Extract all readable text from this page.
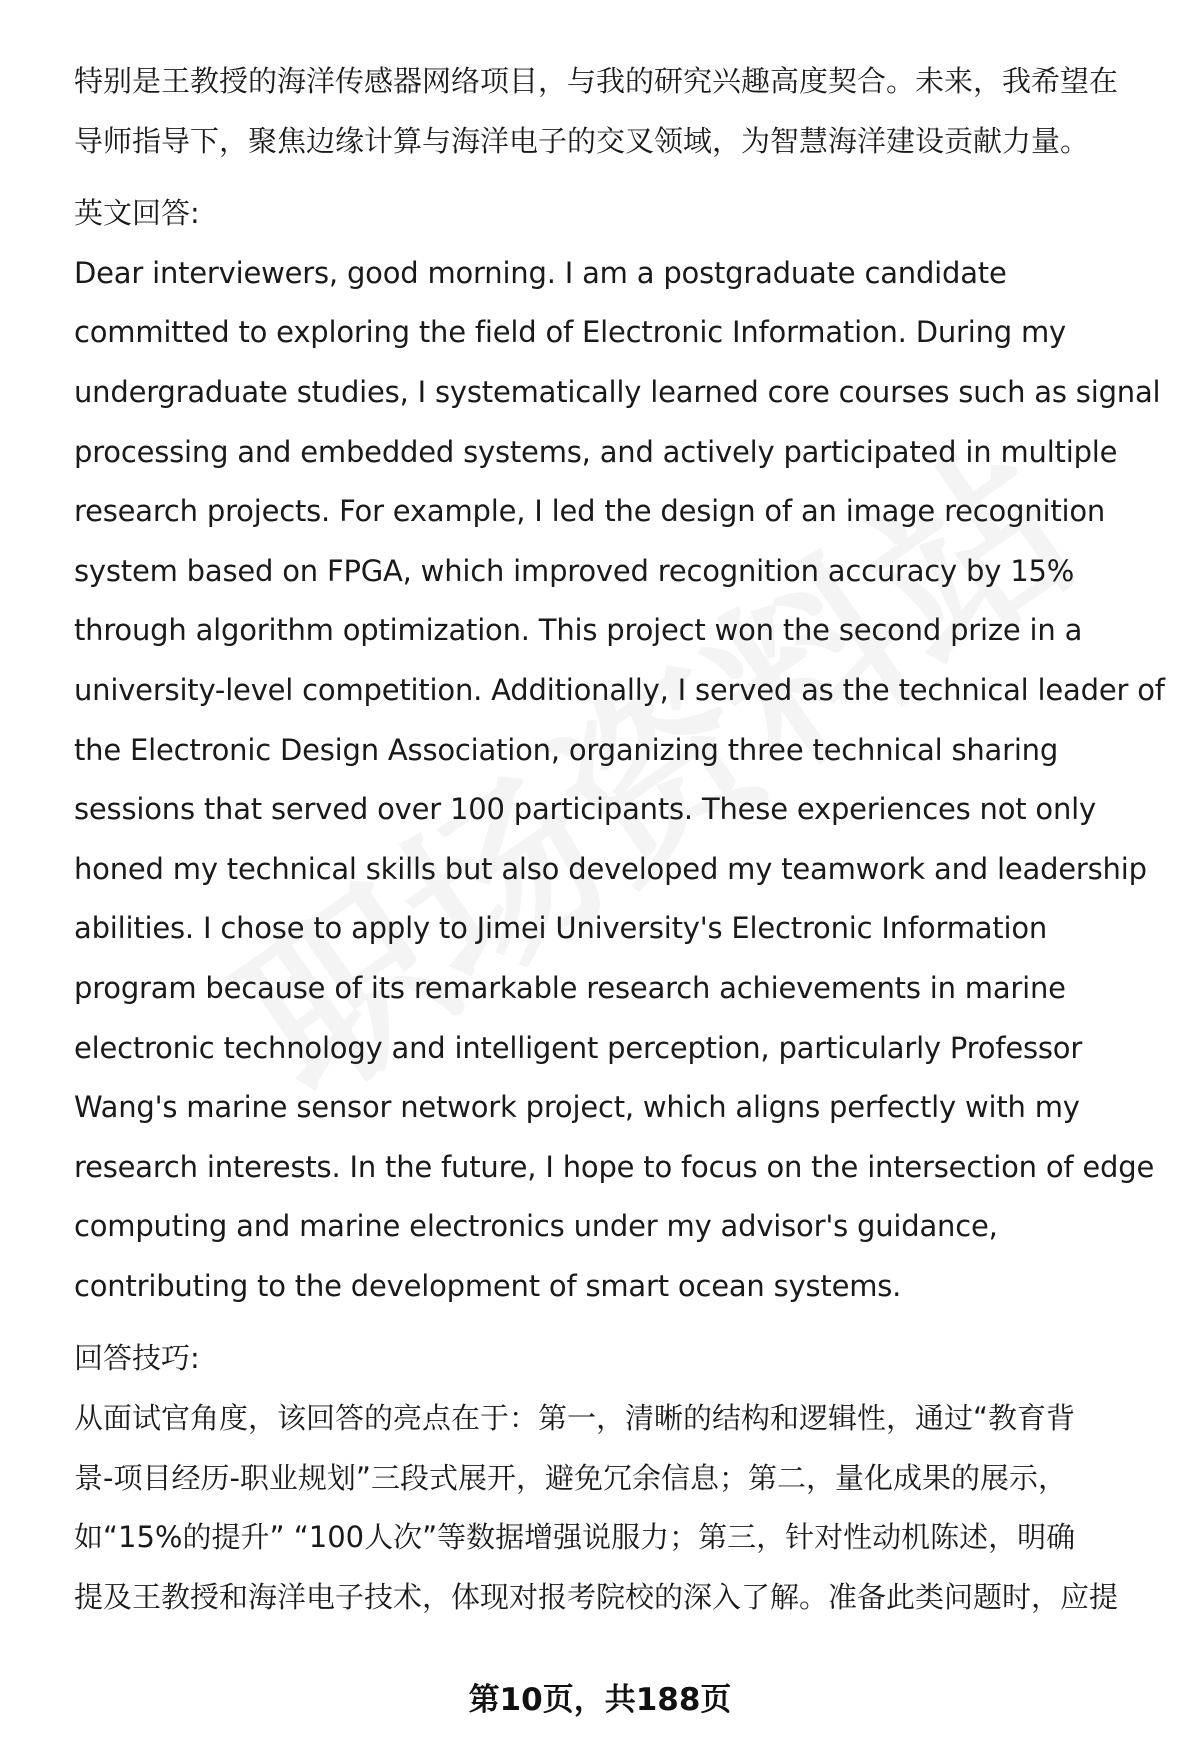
特别是王教授的海洋传感器网络项目，与我的研究兴趣高度契合。未来，我希望在
导师指导下，聚焦边缘计算与海洋电子的交叉领域，为智慧海洋建设贡献力量。
英文回答:
Dear interviewers, good morning. I am a postgraduate candidate
committed to exploring the field of Electronic Information. During my
undergraduate studies, I systematically learned core courses such as signal
processing and embedded systems, and actively participated in multiple
research projects. For example, I led the design of an image recognition
system based on FPGA, which improved recognition accuracy by 15%
through algorithm optimization. This project won the second prize in a
university-level competition. Additionally, I served as the technical leader of
the Electronic Design Association, organizing three technical sharing
sessions that served over 100 participants. These experiences not only
honed my technical skills but also developed my teamwork and leadership
abilities. I chose to apply to Jimei University's Electronic Information
program because of its remarkable research achievements in marine
electronic technology and intelligent perception, particularly Professor
Wang's marine sensor network project, which aligns perfectly with my
research interests. In the future, I hope to focus on the intersection of edge
computing and marine electronics under my advisor's guidance,
contributing to the development of smart ocean systems.
回答技巧:
从面试官角度，该回答的亮点在于：第一，清晰的结构和逻辑性，通过“教育背
景-项目经历-职业规划”三段式展开，避免冗余信息；第二，量化成果的展示，
如“15%的提升” “100人次”等数据增强说服力；第三，针对性动机陈述，明确
提及王教授和海洋电子技术，体现对报考院校的深入了解。准备此类问题时，应提
第10页，共188页
